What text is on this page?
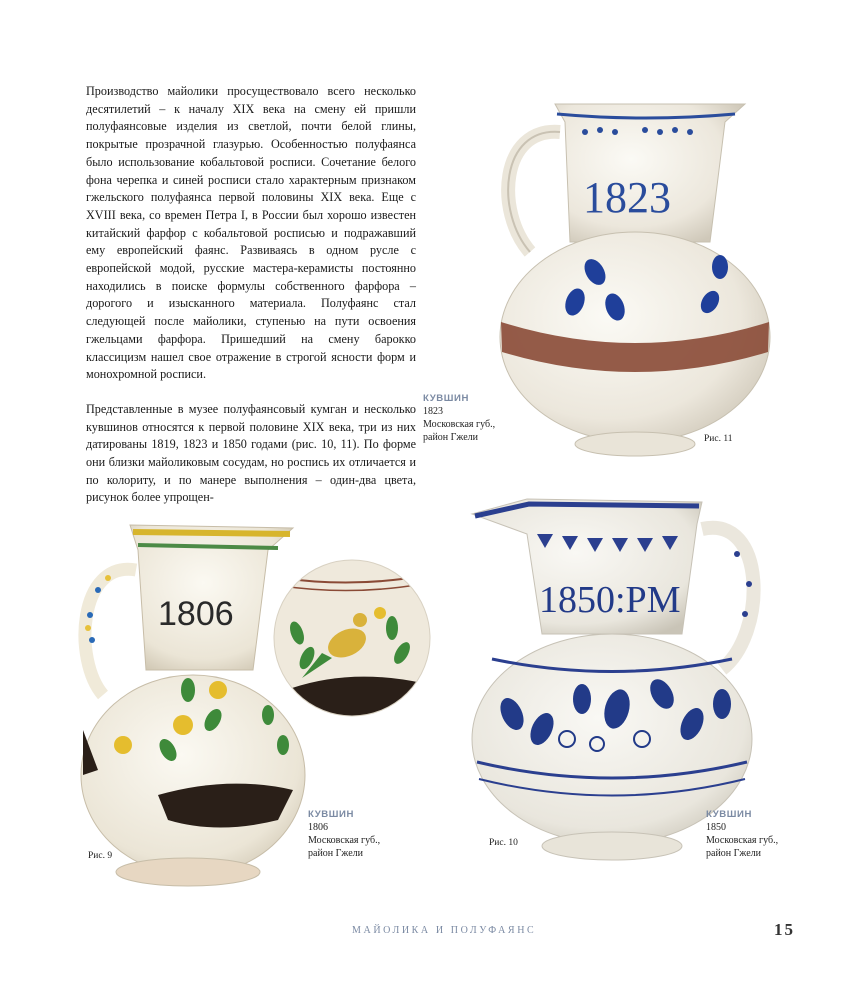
Производство майолики просуществовало всего несколько десятилетий – к началу XIX века на смену ей пришли полуфаянсовые изделия из светлой, почти белой глины, покрытые прозрачной глазурью. Особенностью полуфаянса было использование кобальтовой росписи. Сочетание белого фона черепка и синей росписи стало характерным признаком гжельского полуфаянса первой половины XIX века. Еще с XVIII века, со времен Петра I, в России был хорошо известен китайский фарфор с кобальтовой росписью и подражавший ему европейский фаянс. Развиваясь в одном русле с европейской модой, русские мастера-керамисты постоянно находились в поиске формулы собственного фарфора – дорогого и изысканного материала. Полуфаянс стал следующей после майолики, ступенью на пути освоения гжельцами фарфора. Пришедший на смену барокко классицизм нашел свое отражение в строгой ясности форм и монохромной росписи.

Представленные в музее полуфаянсовый кумган и несколько кувшинов относятся к первой половине XIX века, три из них датированы 1819, 1823 и 1850 годами (рис. 10, 11). По форме они близки майоликовым сосудам, но роспись их отличается и по колориту, и по манере выполнения – один-два цвета, рисунок более упрощен-

1823
КУВШИН
1823
Московская губ.,
район Гжели	Рис. 11
1806
КУВШИН
1806
Московская губ.,
район Гжели
Рис. 9
1850:РМ
КУВШИН
1850
Московская губ.,
район Гжели
Рис. 10
МАЙОЛИКА И ПОЛУФАЯНС	15
